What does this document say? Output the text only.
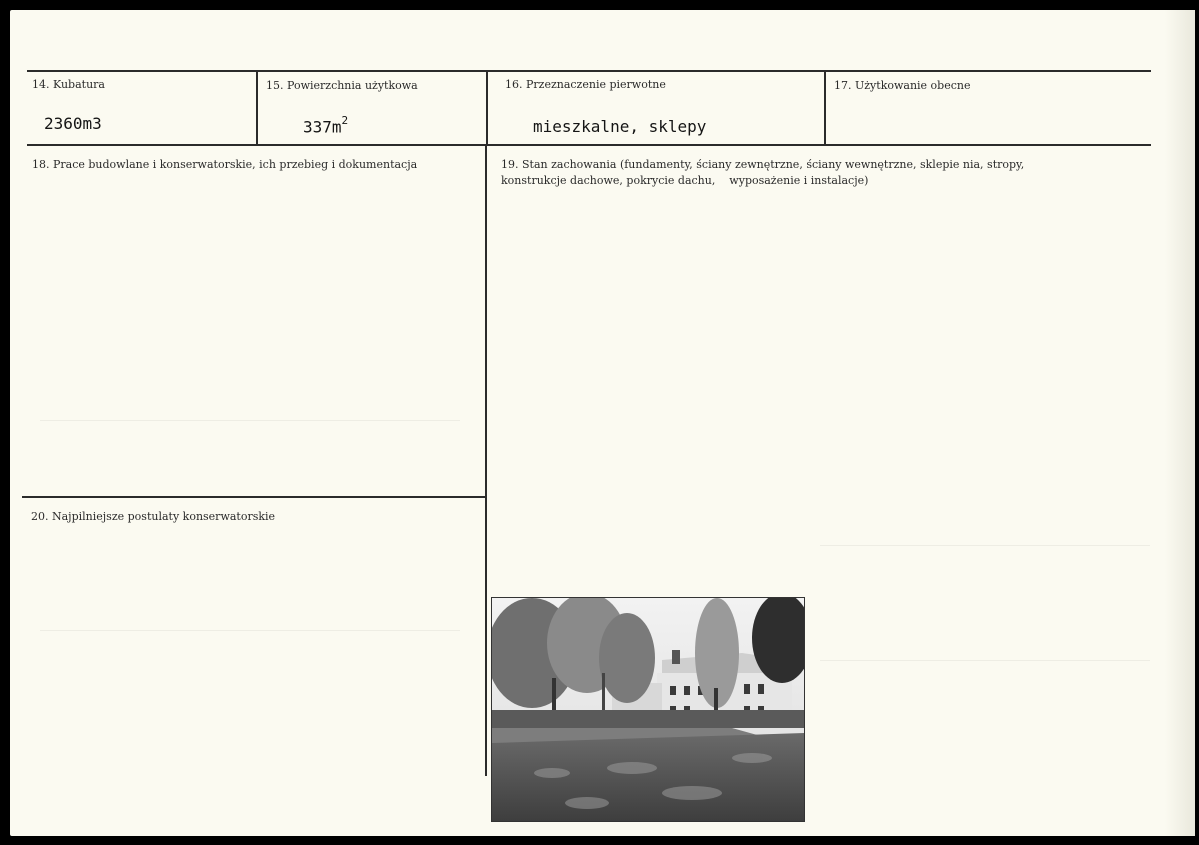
14. Kubatura
2360m3
15. Powierzchnia użytkowa
$337m^2$
16. Przeznaczenie pierwotne
mieszkalne, sklepy
17. Użytkowanie obecne
18. Prace budowlane i konserwatorskie, ich przebieg i dokumentacja	19. Stan zachowania (fundamenty, ściany zewnętrzne, ściany wewnętrzne, sklepie nia, stropy,
konstrukcje dachowe, pokrycie dachu,    wyposażenie i instalacje)
20. Najpilniejsze postulaty konserwatorskie
